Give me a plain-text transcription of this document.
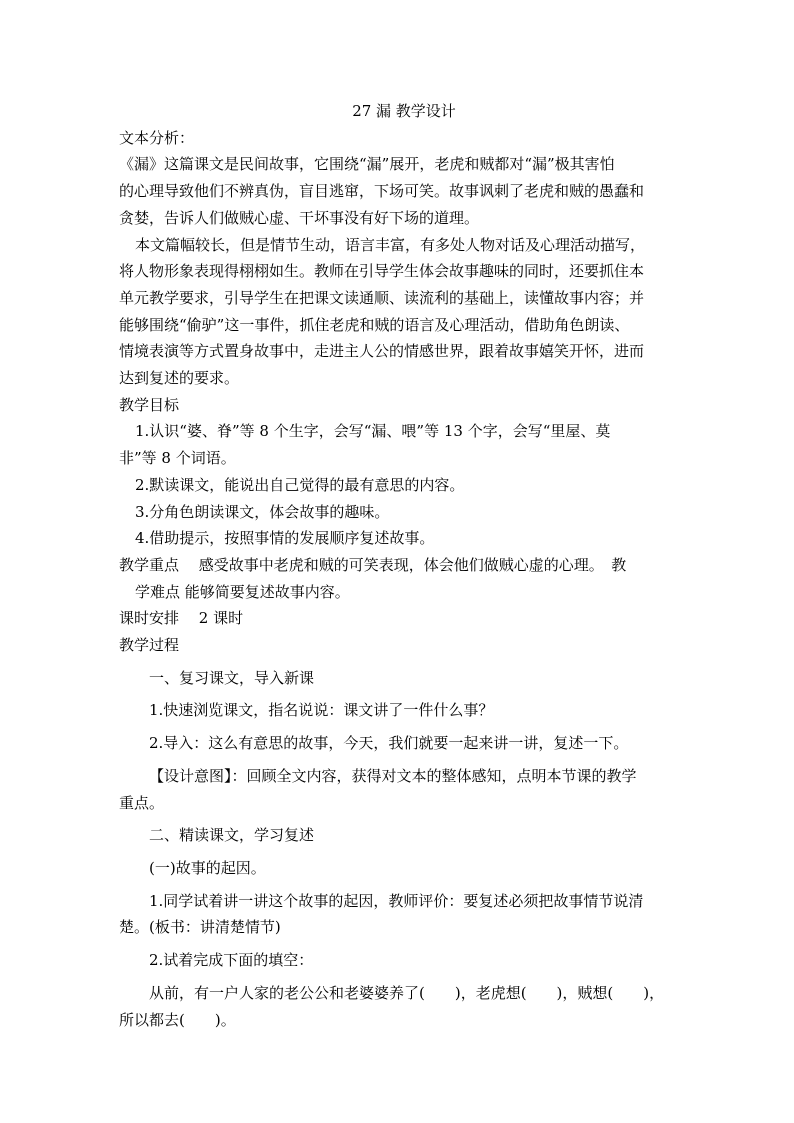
27 漏 教学设计
文本分析：
《漏》这篇课文是民间故事，它围绕“漏”展开，老虎和贼都对“漏”极其害怕
的心理导致他们不辨真伪，盲目逃窜，下场可笑。故事讽刺了老虎和贼的愚蠢和
贪婪，告诉人们做贼心虚、干坏事没有好下场的道理。
本文篇幅较长，但是情节生动，语言丰富，有多处人物对话及心理活动描写，
将人物形象表现得栩栩如生。教师在引导学生体会故事趣味的同时，还要抓住本
单元教学要求，引导学生在把课文读通顺、读流利的基础上，读懂故事内容；并
能够围绕“偷驴”这一事件，抓住老虎和贼的语言及心理活动，借助角色朗读、
情境表演等方式置身故事中，走进主人公的情感世界，跟着故事嬉笑开怀，进而
达到复述的要求。
教学目标
1.认识“婆、脊”等 8 个生字，会写“漏、喂”等 13 个字，会写“里屋、莫
非”等 8 个词语。
2.默读课文，能说出自己觉得的最有意思的内容。
3.分角色朗读课文，体会故事的趣味。
4.借助提示，按照事情的发展顺序复述故事。
教学重点　 感受故事中老虎和贼的可笑表现，体会他们做贼心虚的心理。　教
学难点 能够简要复述故事内容。
课时安排　 2 课时
教学过程
一、复习课文，导入新课
1.快速浏览课文，指名说说：课文讲了一件什么事？
2.导入：这么有意思的故事，今天，我们就要一起来讲一讲，复述一下。
【设计意图】：回顾全文内容，获得对文本的整体感知，点明本节课的教学
重点。
二、精读课文，学习复述
(一)故事的起因。
1.同学试着讲一讲这个故事的起因，教师评价：要复述必须把故事情节说清
楚。(板书：讲清楚情节)
2.试着完成下面的填空：
从前，有一户人家的老公公和老婆婆养了(　　)，老虎想(　　)，贼想(　　)，
所以都去(　　)。
